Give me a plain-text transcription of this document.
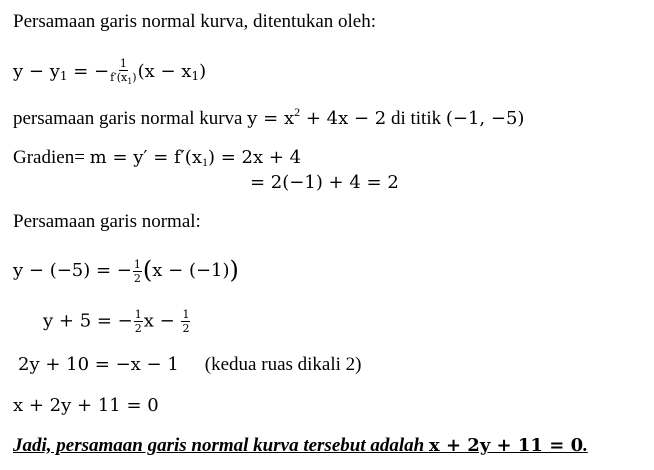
Persamaan garis normal kurva, ditentukan oleh:
$y - y_1$ = − $\frac{1}{f'(x_1)} (x - x_1)$
persamaan garis normal kurva $y = x^2 + 4x - 2$ di titik (−1, −5)
Gradien= $m = y' = f'(x_1) = 2x + 4$
= 2(−1) + 4 = 2
Persamaan garis normal:
y − (−5) = − $\frac{1}{2} (x - (-1))$
y + 5 = − $\frac{1}{2}$ $x - \frac{1}{2}$
2y + 10 = −x − 1 (kedua ruas dikali 2)
x + 2y + 11 = 0
Jadi, persamaan garis normal kurva tersebut adalah x + 2y + 11 = 0.
